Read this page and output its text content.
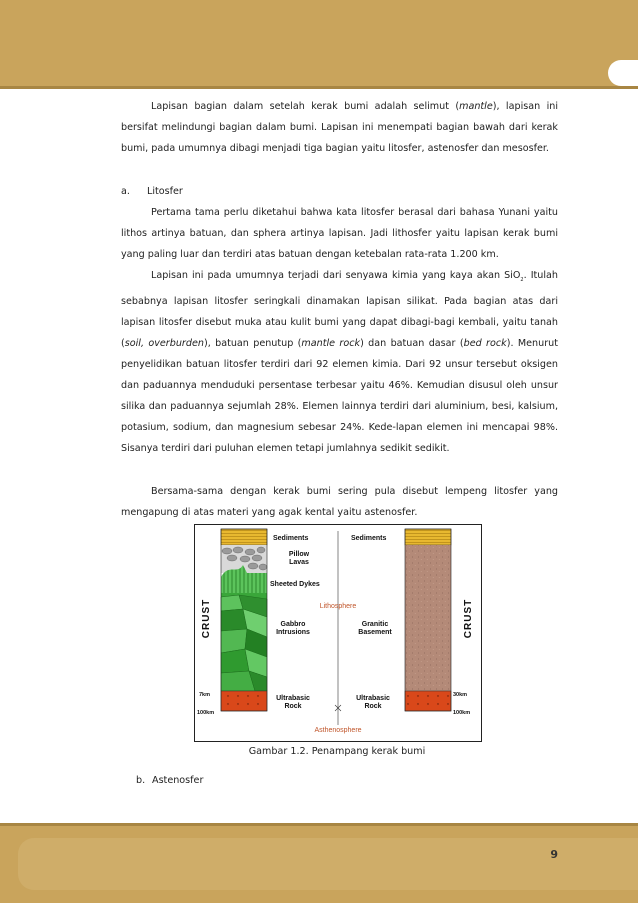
Lapisan bagian dalam setelah kerak bumi adalah selimut (mantle), lapisan ini bersifat melindungi bagian dalam bumi. Lapisan ini menempati bagian bawah dari kerak bumi, pada umumnya dibagi menjadi tiga bagian yaitu litosfer, astenosfer dan mesosfer.

a. Litosfer

Pertama tama perlu diketahui bahwa kata litosfer berasal dari bahasa Yunani yaitu lithos artinya batuan, dan sphera artinya lapisan. Jadi lithosfer yaitu lapisan kerak bumi yang paling luar dan terdiri atas batuan dengan ketebalan rata-rata 1.200 km.

Lapisan ini pada umumnya terjadi dari senyawa kimia yang kaya akan SiO$_2$. Itulah sebabnya lapisan litosfer seringkali dinamakan lapisan silikat. Pada bagian atas dari lapisan litosfer disebut muka atau kulit bumi yang dapat dibagi-bagi kembali, yaitu tanah (soil, overburden), batuan penutup (mantle rock) dan batuan dasar (bed rock). Menurut penyelidikan batuan litosfer terdiri dari 92 elemen kimia. Dari 92 unsur tersebut oksigen dan paduannya menduduki persentase terbesar yaitu 46%. Kemudian disusul oleh unsur silika dan paduannya sejumlah 28%. Elemen lainnya terdiri dari aluminium, besi, kalsium, potasium, sodium, dan magnesium sebesar 24%. Kede-lapan elemen ini mencapai 98%. Sisanya terdiri dari puluhan elemen tetapi jumlahnya sedikit sedikit.

Bersama-sama dengan kerak bumi sering pula disebut lempeng litosfer yang mengapung di atas materi yang agak kental yaitu astenosfer.

Sediments
Pillow Lavas
Sheeted Dykes
Gabbro Intrusions
Ultrabasic Rock
Sediments
Granitic Basement
Ultrabasic Rock
Lithosphere
Asthenosphere
7km
100km
30km
100km
CRUST	CRUST
Gambar 1.2. Penampang kerak bumi
b. Astenosfer
9
